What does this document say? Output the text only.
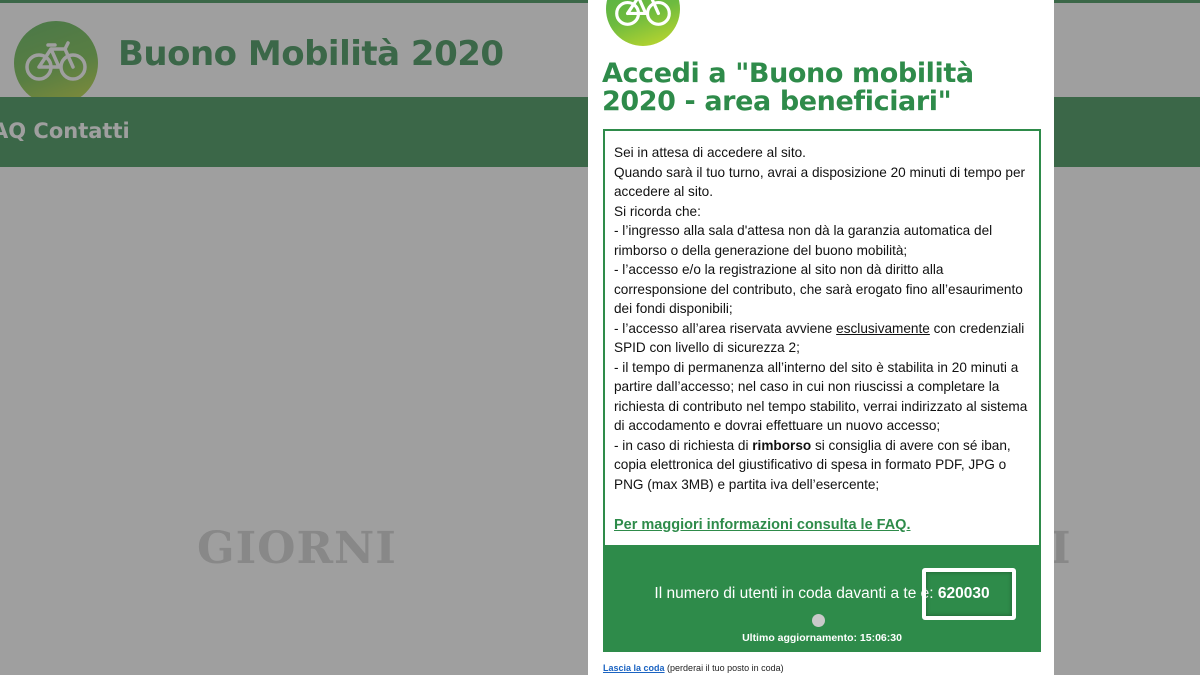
Accedi a "Buono mobilità 2020 - area beneficiari"

Sei in attesa di accedere al sito.

Quando sarà il tuo turno, avrai a disposizione 20 minuti di tempo per accedere al sito.

Si ricorda che:

- l’ingresso alla sala d'attesa non dà la garanzia automatica del rimborso o della generazione del buono mobilità;

- l’accesso e/o la registrazione al sito non dà diritto alla corresponsione del contributo, che sarà erogato fino all’esaurimento dei fondi disponibili;

- l’accesso all’area riservata avviene esclusivamente con credenziali SPID con livello di sicurezza 2;

- il tempo di permanenza all’interno del sito è stabilita in 20 minuti a partire dall’accesso; nel caso in cui non riuscissi a completare la richiesta di contributo nel tempo stabilito, verrai indirizzato al sistema di accodamento e dovrai effettuare un nuovo accesso;

- in caso di richiesta di rimborso si consiglia di avere con sé iban, copia elettronica del giustificativo di spesa in formato PDF, JPG o PNG (max 3MB) e partita iva dell’esercente;

Per maggiori informazioni consulta le FAQ.
Il numero di utenti in coda davanti a te è: 620030
Ultimo aggiornamento: 15:06:30
Lascia la coda (perderai il tuo posto in coda)
